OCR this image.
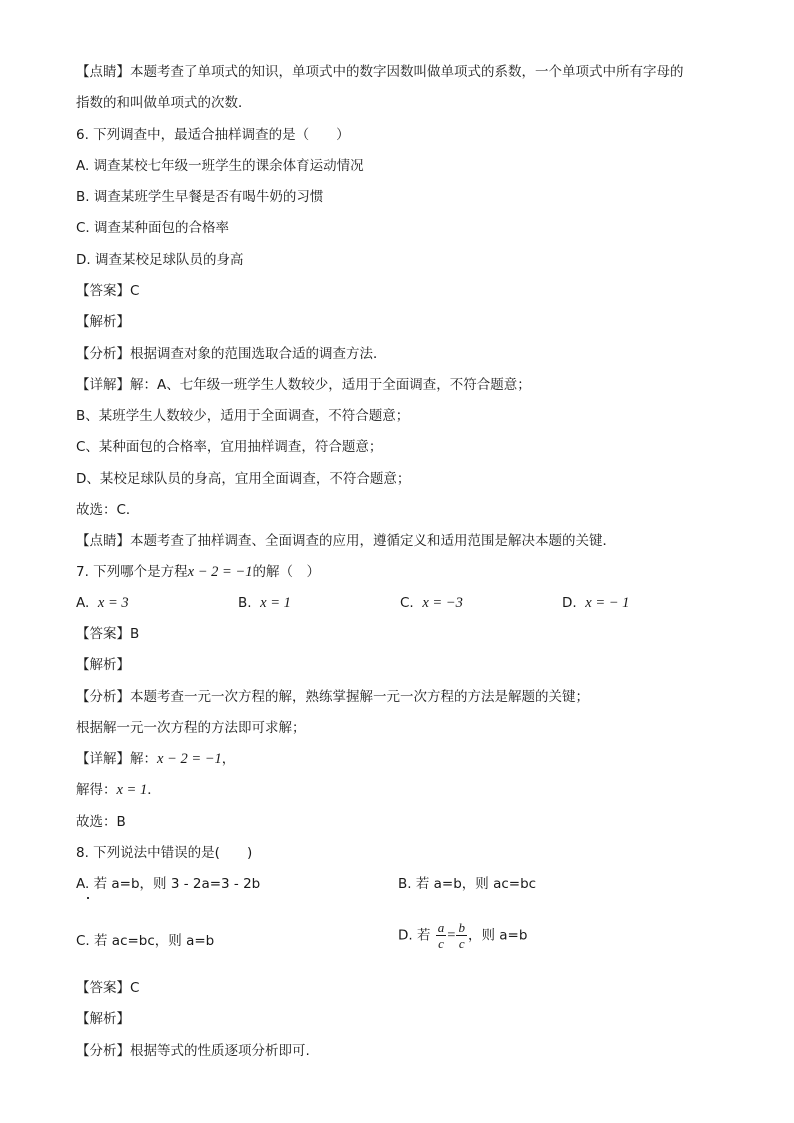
【点睛】本题考查了单项式的知识，单项式中的数字因数叫做单项式的系数，一个单项式中所有字母的
指数的和叫做单项式的次数．
6. 下列调查中，最适合抽样调查的是（　　）
A. 调查某校七年级一班学生的课余体育运动情况
B. 调查某班学生早餐是否有喝牛奶的习惯
C. 调查某种面包的合格率
D. 调查某校足球队员的身高
【答案】C
【解析】
【分析】根据调查对象的范围选取合适的调查方法．
【详解】解：A、七年级一班学生人数较少，适用于全面调查，不符合题意；
B、某班学生人数较少，适用于全面调查，不符合题意；
C、某种面包的合格率，宜用抽样调查，符合题意；
D、某校足球队员的身高，宜用全面调查，不符合题意；
故选：C．
【点睛】本题考查了抽样调查、全面调查的应用，遵循定义和适用范围是解决本题的关键．
7. 下列哪个是方程x − 2 = −1的解（　）
A. x = 3	B. x = 1	C. x = −3	D. x = − 1
【答案】B
【解析】
【分析】本题考查一元一次方程的解，熟练掌握解一元一次方程的方法是解题的关键；
根据解一元一次方程的方法即可求解；
【详解】解：x − 2 = −1，
解得：x = 1．
故选：B
8. 下列说法中错误的是(　　)
A. 若 a=b，则 3 - 2a=3 - 2b	B. 若 a=b，则 ac=bc
C. 若 ac=bc，则 a=b	D. 若 $\frac{a}{c} = \frac{b}{c}$ ，则 a=b
【答案】C
【解析】
【分析】根据等式的性质逐项分析即可.
